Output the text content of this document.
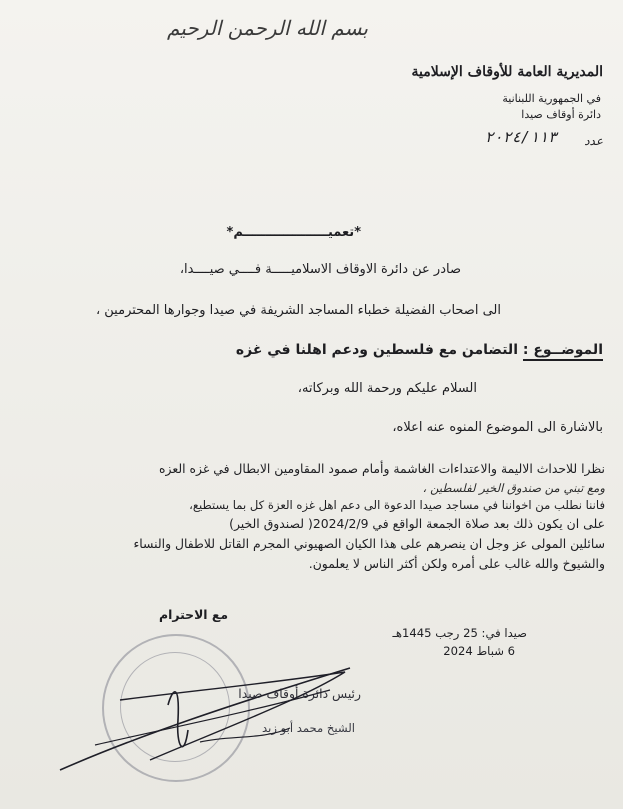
بسم الله الرحمن الرحيم
المديرية العامة للأوقاف الإسلامية
في الجمهورية اللبنانية
دائرة أوقاف صيدا
عدد
٢٠٢٤/١١٣
*تعميـــــــــــــــــــم*
صادر عن دائرة الاوقاف الاسلاميـــــة فــــي صيــــدا،
الى اصحاب الفضيلة خطباء المساجد الشريفة في صيدا وجوارها المحترمين ،
الموضــوع :
التضامن مع فلسطين ودعم اهلنا في غزه
السلام عليكم ورحمة الله وبركاته،
بالاشارة الى الموضوع المنوه عنه اعلاه،
نظرا للاحداث الاليمة والاعتداءات الغاشمة وأمام صمود المقاومين الابطال في غزه العزه
ومع تبني من صندوق الخير لفلسطين ،
فاننا نطلب من اخواننا في مساجد صيدا الدعوة الى دعم اهل غزه العزة كل بما يستطيع،
على ان يكون ذلك بعد صلاة الجمعة الواقع في 2024/2/9( لصندوق الخير)
سائلين المولى عز وجل ان ينصرهم على هذا الكيان الصهيوني المجرم القاتل للاطفال والنساء
والشيوخ والله غالب على أمره ولكن أكثر الناس لا يعلمون.
مع الاحترام
صيدا في: 25 رجب 1445هـ
6 شباط 2024
رئيس دائرة أوقاف صيدا
الشيخ محمد أبو زيد
